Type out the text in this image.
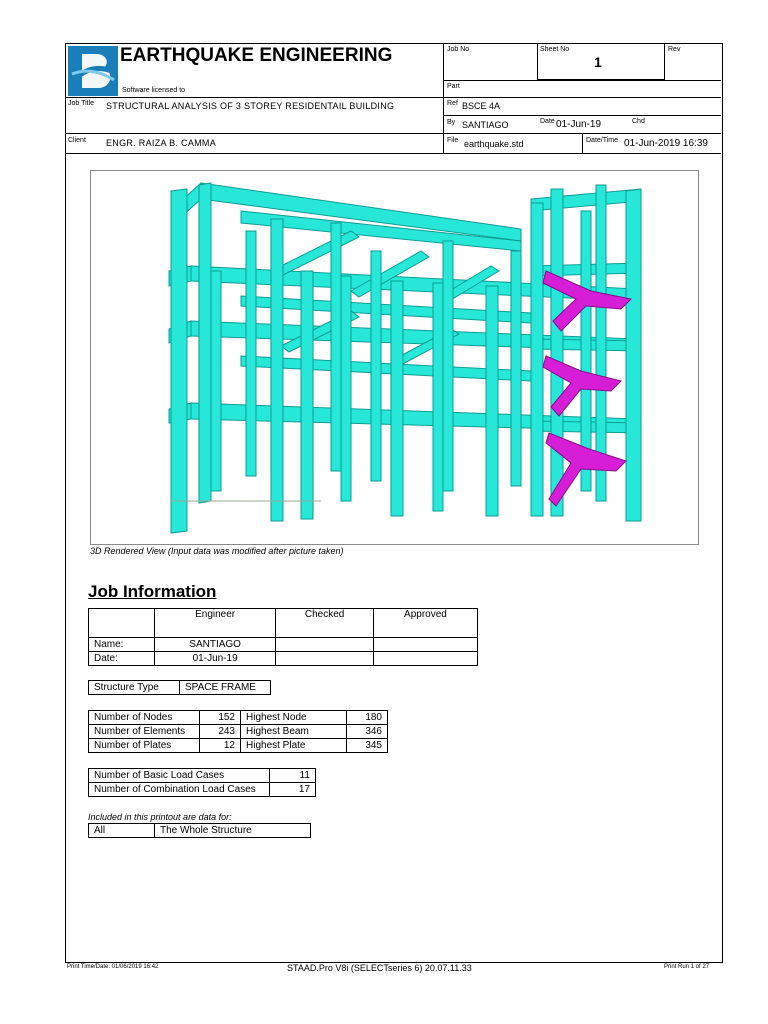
EARTHQUAKE ENGINEERING
Software licensed to
Job No	Sheet No
1
Rev
Part
Job Title STRUCTURAL ANALYSIS OF 3 STOREY RESIDENTAIL BUILDING	Ref BSCE 4A
By SANTIAGO	Date 01-Jun-19	Chd
Client ENGR. RAIZA B. CAMMA	File earthquake.std	Date/Time 01-Jun-2019 16:39
3D Rendered View (Input data was modified after picture taken)
Job Information
	Engineer	Checked	Approved
Name:	SANTIAGO		
Date:	01-Jun-19		
Structure Type	SPACE FRAME
Number of Nodes	152	Highest Node	180
Number of Elements	243	Highest Beam	346
Number of Plates	12	Highest Plate	345
Number of Basic Load Cases	11
Number of Combination Load Cases	17
Included in this printout are data for:
All	The Whole Structure
Print Time/Date: 01/06/2019 16:42	STAAD.Pro V8i (SELECTseries 6) 20.07.11.33	Print Run 1 of 27
